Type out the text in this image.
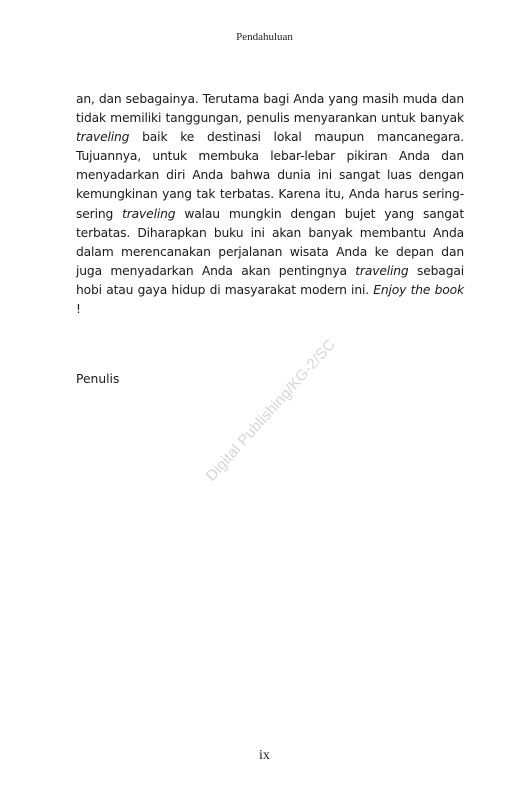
Pendahuluan
an, dan sebagainya. Terutama bagi Anda yang masih muda dan tidak memiliki tanggungan, penulis menyarankan untuk banyak traveling baik ke destinasi lokal maupun mancanegara. Tujuannya, untuk membuka lebar-lebar pikiran Anda dan menyadarkan diri Anda bahwa dunia ini sangat luas dengan kemungkinan yang tak terbatas. Karena itu, Anda harus sering-sering traveling walau mungkin dengan bujet yang sangat terbatas. Diharapkan buku ini akan banyak membantu Anda dalam merencanakan perjalanan wisata Anda ke depan dan juga menyadarkan Anda akan pentingnya traveling sebagai hobi atau gaya hidup di masyarakat modern ini. Enjoy the book !
Penulis	Digital Publishing/KG-2/SC
ix
